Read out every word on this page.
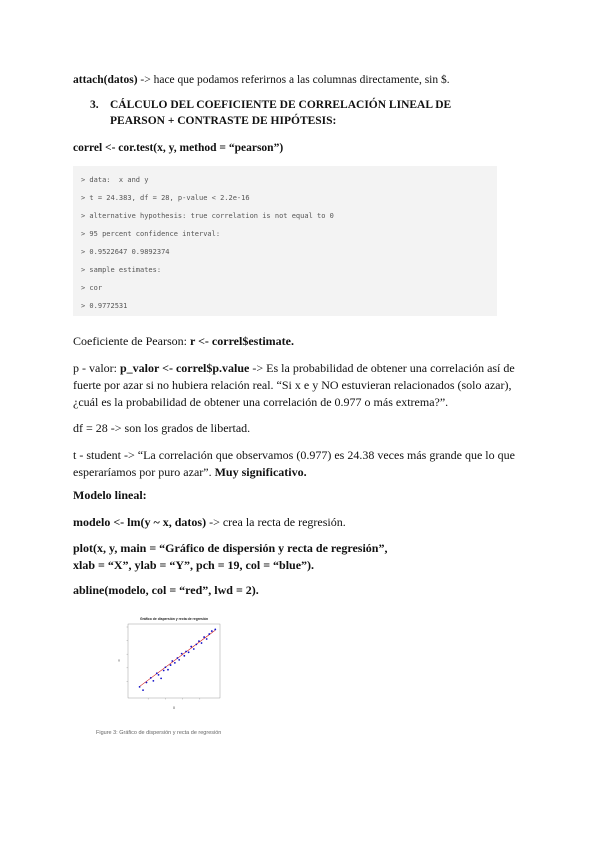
attach(datos) -> hace que podamos referirnos a las columnas directamente, sin $.

3. CÁLCULO DEL COEFICIENTE DE CORRELACIÓN LINEAL DE
PEARSON + CONTRASTE DE HIPÓTESIS:

correl <- cor.test(x, y, method = “pearson”)

> data:  x and y
> t = 24.383, df = 28, p-value < 2.2e-16
> alternative hypothesis: true correlation is not equal to 0
> 95 percent confidence interval:
> 0.9522647 0.9892374
> sample estimates:
> cor
> 0.9772531

Coeficiente de Pearson: r <- correl$estimate.

p - valor: p_valor <- correl$p.value -> Es la probabilidad de obtener una correlación así de fuerte por azar si no hubiera relación real. “Si x e y NO estuvieran relacionados (solo azar), ¿cuál es la probabilidad de obtener una correlación de 0.977 o más extrema?”.

df = 28 -> son los grados de libertad.

t - student -> “La correlación que observamos (0.977) es 24.38 veces más grande que lo que esperaríamos por puro azar”. Muy significativo.

Modelo lineal:

modelo <- lm(y ~ x, datos) -> crea la recta de regresión.

plot(x, y, main = “Gráfico de dispersión y recta de regresión”,
xlab = “X”, ylab = “Y”, pch = 19, col = “blue”).

abline(modelo, col = “red”, lwd = 2).

Gráfico de dispersión y recta de regresión
X
Y
Figure 3: Gráfico de dispersión y recta de regresión
